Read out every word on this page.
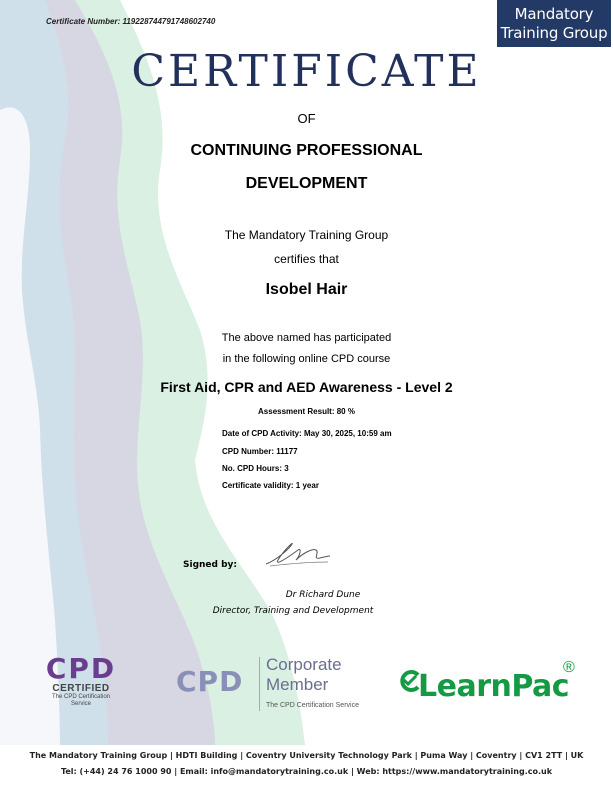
Certificate Number: 119228744791748602740	Mandatory
Training Group
CERTIFICATE
OF
CONTINUING PROFESSIONAL
DEVELOPMENT
The Mandatory Training Group
certifies that
Isobel Hair
The above named has participated
in the following online CPD course
First Aid, CPR and AED Awareness - Level 2
Assessment Result: 80 %
Date of CPD Activity: May 30, 2025, 10:59 am
CPD Number: 11177
No. CPD Hours: 3
Certificate validity: 1 year
Signed by:
Dr Richard Dune
Director, Training and Development
CPD
CERTIFIED
The CPD Certification
Service
CPD
Corporate
Member
The CPD Certification Service
LearnPac
®
The Mandatory Training Group | HDTI Building | Coventry University Technology Park | Puma Way | Coventry | CV1 2TT | UK
Tel: (+44) 24 76 1000 90 | Email: info@mandatorytraining.co.uk | Web: https://www.mandatorytraining.co.uk
